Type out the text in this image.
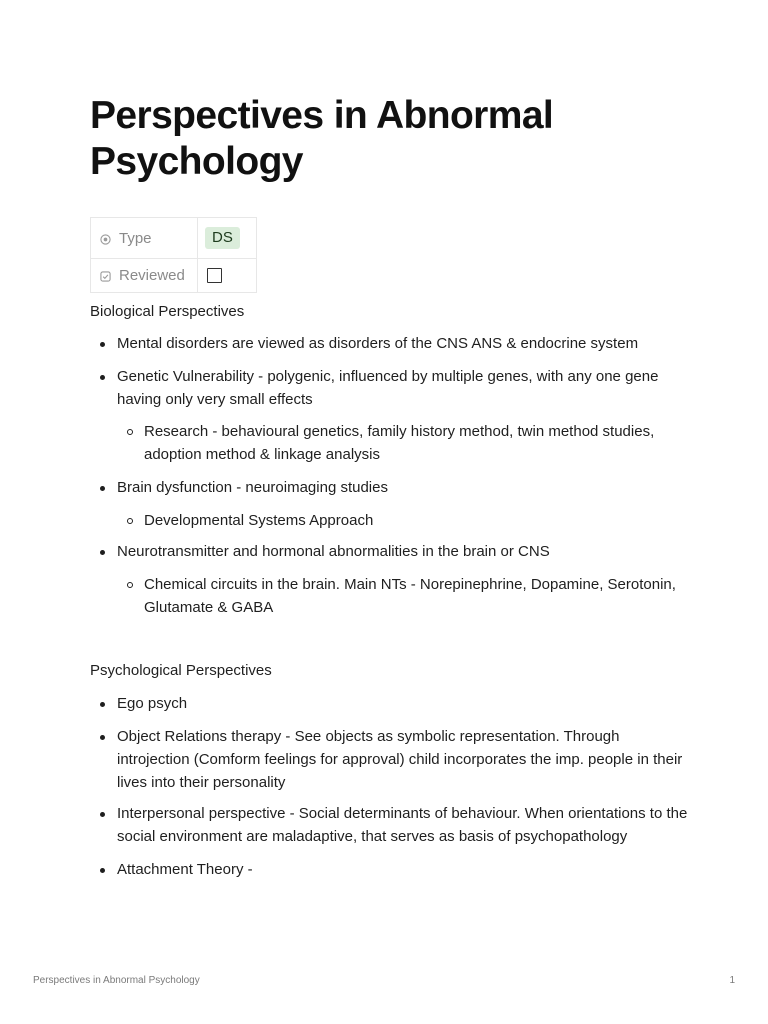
Perspectives in Abnormal Psychology
Type	DS

Reviewed	

Biological Perspectives

Mental disorders are viewed as disorders of the CNS ANS & endocrine system
Genetic Vulnerability - polygenic, influenced by multiple genes, with any one gene having only very small effects
Research - behavioural genetics, family history method, twin method studies, adoption method & linkage analysis
Brain dysfunction - neuroimaging studies
Developmental Systems Approach
Neurotransmitter and hormonal abnormalities in the brain or CNS
Chemical circuits in the brain. Main NTs - Norepinephrine, Dopamine, Serotonin, Glutamate & GABA

Psychological Perspectives

Ego psych
Object Relations therapy - See objects as symbolic representation. Through introjection (Comform feelings for approval) child incorporates the imp. people in their lives into their personality
Interpersonal perspective - Social determinants of behaviour. When orientations to the social environment are maladaptive, that serves as basis of psychopathology
Attachment Theory -
Perspectives in Abnormal Psychology	1
